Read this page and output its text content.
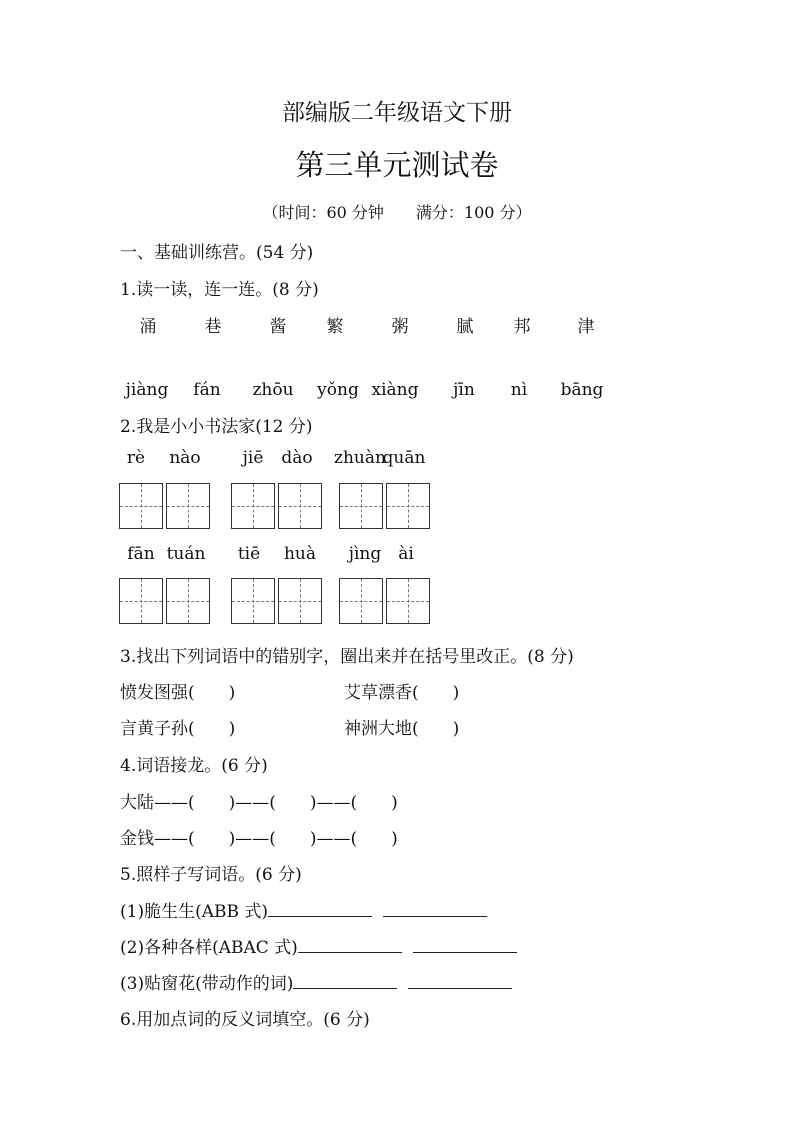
部编版二年级语文下册
第三单元测试卷
（时间：60 分钟　　满分：100 分）
一、基础训练营。(54 分)
1.读一读，连一连。(8 分)
涌	巷	酱	繁	粥	腻	邦	津
jiàng	fán	zhōu	yǒng xiàng	jīn	nì	bāng
2.我是小小书法家(12 分)
rè	nào	jiē	dào	zhuàn
quān
fān tuán	tiē	huà	jìng ài
3.找出下列词语中的错别字，圈出来并在括号里改正。(8 分)
愤发图强(　　)	艾草漂香(　　)
言黄子孙(　　)	神洲大地(　　)
4.词语接龙。(6 分)
大陆——(　　)——(　　)——(　　)
金钱——(　　)——(　　)——(　　)
5.照样子写词语。(6 分)
(1)脆生生(ABB 式)
(2)各种各样(ABAC 式)
(3)贴窗花(带动作的词)
6.用加点词的反义词填空。(6 分)
